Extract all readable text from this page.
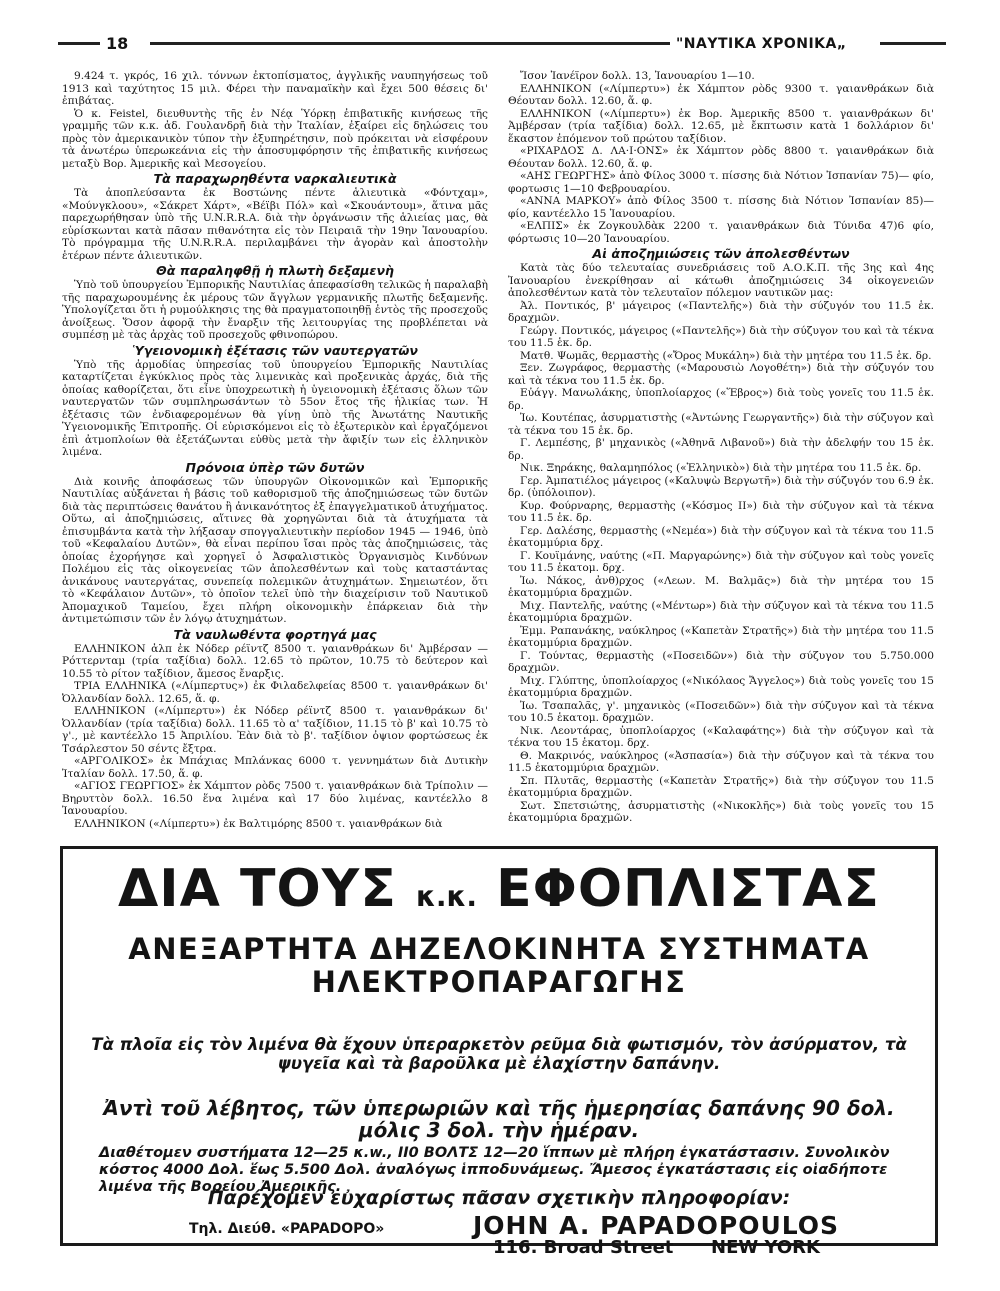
18	"ΝΑΥΤΙΚΑ ΧΡΟΝΙΚΑ„

9.424 τ. γκρός, 16 χιλ. τόννων ἐκτοπίσματος, ἀγγλικῆς ναυπηγήσεως τοῦ 1913 καὶ ταχύτητος 15 μιλ. Φέρει τὴν παναμαϊκὴν καὶ ἔχει 500 θέσεις δι' ἐπιβάτας.

Ὁ κ. Feistel, διευθυντὴς τῆς ἐν Νέᾳ Ὑόρκῃ ἐπιβατικῆς κινήσεως τῆς γραμμῆς τῶν κ.κ. ἀδ. Γουλανδρῆ διὰ τὴν Ἰταλίαν, ἐξαίρει εἰς δηλώσεις του πρὸς τὸν ἀμερικανικὸν τύπον τὴν ἐξυπηρέτησιν, ποὺ πρόκειται νὰ εἰσφέρουν τὰ ἀνωτέρω ὑπερωκεάνια εἰς τὴν ἀποσυμφόρησιν τῆς ἐπιβατικῆς κινήσεως μεταξὺ Βορ. Ἀμερικῆς καὶ Μεσογείου.

Τὰ παραχωρηθέντα ναρκαλιευτικὰ

Τὰ ἀποπλεύσαντα ἐκ Βοστώνης πέντε ἁλιευτικὰ «Φόντχαμ», «Μούνγκλοου», «Σάκρετ Χάρτ», «Βέϊβι Πόλ» καὶ «Σκουάντουμ», ἅτινα μᾶς παρεχωρήθησαν ὑπὸ τῆς U.N.R.R.A. διὰ τὴν ὀργάνωσιν τῆς ἁλιείας μας, θὰ εὑρίσκωνται κατὰ πᾶσαν πιθανότητα εἰς τὸν Πειραιᾶ τὴν 19ην Ἰανουαρίου. Τὸ πρόγραμμα τῆς U.N.R.R.A. περιλαμβάνει τὴν ἀγορὰν καὶ ἀποστολὴν ἑτέρων πέντε ἁλιευτικῶν.

Θὰ παραληφθῇ ἡ πλωτὴ δεξαμενὴ

Ὑπὸ τοῦ ὑπουργείου Ἐμπορικῆς Ναυτιλίας ἀπεφασίσθη τελικῶς ἡ παραλαβὴ τῆς παραχωρουμένης ἐκ μέρους τῶν ἄγγλων γερμανικῆς πλωτῆς δεξαμενῆς. Ὑπολογίζεται ὅτι ἡ ρυμούλκησις της θὰ πραγματοποιηθῇ ἐντὸς τῆς προσεχοῦς ἀνοίξεως. Ὅσον ἀφορᾷ τὴν ἔναρξιν τῆς λειτουργίας της προβλέπεται νὰ συμπέσῃ μὲ τὰς ἀρχὰς τοῦ προσεχοῦς φθινοπώρου.

Ὑγειονομικὴ ἐξέτασις τῶν ναυτεργατῶν

Ὑπὸ τῆς ἁρμοδίας ὑπηρεσίας τοῦ ὑπουργείου Ἐμπορικῆς Ναυτιλίας καταρτίζεται ἐγκύκλιος πρὸς τὰς λιμενικὰς καὶ προξενικὰς ἀρχάς, διὰ τῆς ὁποίας καθορίζεται, ὅτι εἶνε ὑποχρεωτικὴ ἡ ὑγειονομικὴ ἐξέτασις ὅλων τῶν ναυτεργατῶν τῶν συμπληρωσάντων τὸ 55ον ἔτος τῆς ἡλικίας των. Ἡ ἐξέτασις τῶν ἐνδιαφερομένων θὰ γίνῃ ὑπὸ τῆς Ἀνωτάτης Ναυτικῆς Ὑγειονομικῆς Ἐπιτροπῆς. Οἱ εὑρισκόμενοι εἰς τὸ ἐξωτερικὸν καὶ ἐργαζόμενοι ἐπὶ ἀτμοπλοίων θὰ ἐξετάζωνται εὐθὺς μετὰ τὴν ἄφιξίν των εἰς ἑλληνικὸν λιμένα.

Πρόνοια ὑπὲρ τῶν δυτῶν

Διὰ κοινῆς ἀποφάσεως τῶν ὑπουργῶν Οἰκονομικῶν καὶ Ἐμπορικῆς Ναυτιλίας αὐξάνεται ἡ βάσις τοῦ καθορισμοῦ τῆς ἀποζημιώσεως τῶν δυτῶν διὰ τὰς περιπτώσεις θανάτου ἢ ἀνικανότητος ἐξ ἐπαγγελματικοῦ ἀτυχήματος. Οὕτω, αἱ ἀποζημιώσεις, αἵτινες θὰ χορηγῶνται διὰ τὰ ἀτυχήματα τὰ ἐπισυμβάντα κατὰ τὴν λήξασαν σπογγαλιευτικὴν περίοδον 1945 — 1946, ὑπὸ τοῦ «Κεφαλαίου Δυτῶν», θὰ εἶναι περίπου ἴσαι πρὸς τὰς ἀποζημιώσεις, τὰς ὁποίας ἐχορήγησε καὶ χορηγεῖ ὁ Ἀσφαλιστικὸς Ὀργανισμὸς Κινδύνων Πολέμου εἰς τὰς οἰκογενείας τῶν ἀπολεσθέντων καὶ τοὺς καταστάντας ἀνικάνους ναυτεργάτας, συνεπείᾳ πολεμικῶν ἀτυχημάτων. Σημειωτέον, ὅτι τὸ «Κεφάλαιον Δυτῶν», τὸ ὁποῖον τελεῖ ὑπὸ τὴν διαχείρισιν τοῦ Ναυτικοῦ Ἀπομαχικοῦ Ταμείου, ἔχει πλήρη οἰκονομικὴν ἐπάρκειαν διὰ τὴν ἀντιμετώπισιν τῶν ἐν λόγῳ ἀτυχημάτων.

Τὰ ναυλωθέντα φορτηγά μας

ΕΛΛΗΝΙΚΟΝ ἀλπ ἐκ Νόδερ ρέϊντζ 8500 τ. γαιανθράκων δι' Ἀμβέρσαν — Ρόττερνταμ (τρία ταξίδια) δολλ. 12.65 τὸ πρῶτον, 10.75 τὸ δεύτερον καὶ 10.55 τὸ ρίτον ταξίδιον, ἄμεσος ἔναρξις.

ΤΡΙΑ ΕΛΛΗΝΙΚΑ («Λίμπερτυς») ἐκ Φιλαδελφείας 8500 τ. γαιανθράκων δι' Ὀλλανδίαν δολλ. 12.65, ἅ. φ.

ΕΛΛΗΝΙΚΟΝ («Λίμπερτυ») ἐκ Νόδερ ρέϊντζ 8500 τ. γαιανθράκων δι' Ὀλλανδίαν (τρία ταξίδια) δολλ. 11.65 τὸ α' ταξίδιον, 11.15 τὸ β' καὶ 10.75 τὸ γ'., μὲ καντέελλο 15 Ἀπριλίου. Ἐὰν διὰ τὸ β'. ταξίδιον ὀψιον φορτώσεως ἐκ Τσάρλεστον 50 σέντς ἔξτρα.

«ΑΡΓΟΛΙΚΟΣ» ἐκ Μπάχιας Μπλάνκας 6000 τ. γεννημάτων διὰ Δυτικὴν Ἰταλίαν δολλ. 17.50, ἅ. φ.

«ΑΓΙΟΣ ΓΕΩΡΓΙΟΣ» ἐκ Χάμπτον ρὸδς 7500 τ. γαιανθράκων διὰ Τρίπολιν — Βηρυττὸν δολλ. 16.50 ἕνα λιμένα καὶ 17 δύο λιμένας, καντέελλο 8 Ἰανουαρίου.

ΕΛΛΗΝΙΚΟΝ («Λίμπερτυ») ἐκ Βαλτιμόρης 8500 τ. γαιανθράκων διὰ

Ἴσον Ἰανέϊρον δολλ. 13, Ἰανουαρίου 1—10.

ΕΛΛΗΝΙΚΟΝ («Λίμπερτυ») ἐκ Χάμπτον ρὸδς 9300 τ. γαιανθράκων διὰ Θέουταν δολλ. 12.60, ἅ. φ.

ΕΛΛΗΝΙΚΟΝ («Λίμπερτυ») ἐκ Βορ. Ἀμερικῆς 8500 τ. γαιανθράκων δι' Ἀμβέρσαν (τρία ταξίδια) δολλ. 12.65, μὲ ἔκπτωσιν κατὰ 1 δολλάριον δι' ἕκαστον ἑπόμενον τοῦ πρώτου ταξίδιον.

«ΡΙΧΑΡΔΟΣ Δ. ΛΑ·Ι·ΟΝΣ» ἐκ Χάμπτον ρὸδς 8800 τ. γαιανθράκων διὰ Θέουταν δολλ. 12.60, ἅ. φ.

«ΑΗΣ ΓΕΩΡΓΗΣ» ἀπὸ Φίλος 3000 τ. πίσσης διὰ Νότιον Ἰσπανίαν 75)— φίο, φορτωσις 1—10 Φεβρουαρίου.

«ΑΝΝΑ ΜΑΡΚΟΥ» ἀπὸ Φίλος 3500 τ. πίσσης διὰ Νότιον Ἰσπανίαν 85)— φίο, καντέελλο 15 Ἰανουαρίου.

«ΕΛΠΙΣ» ἐκ Ζογκουλδὰκ 2200 τ. γαιανθράκων διὰ Τύνιδα 47)6 φίο, φόρτωσις 10—20 Ἰανουαρίου.

Αἱ ἀποζημιώσεις τῶν ἀπολεσθέντων

Κατὰ τὰς δύο τελευταίας συνεδριάσεις τοῦ Α.Ο.Κ.Π. τῆς 3ης καὶ 4ης Ἰανουαρίου ἐνεκρίθησαν αἱ κάτωθι ἀποζημιώσεις 34 οἰκογενειῶν ἀπολεσθέντων κατὰ τὸν τελευταῖον πόλεμον ναυτικῶν μας:

Ἀλ. Ποντικός, β' μάγειρος («Παντελῆς») διὰ τὴν σύζυγόν του 11.5 ἑκ. δραχμῶν.

Γεώργ. Ποντικός, μάγειρος («Παντελῆς») διὰ τὴν σύζυγον του καὶ τὰ τέκνα του 11.5 ἑκ. δρ.

Ματθ. Ψωμᾶς, θερμαστὴς («Ὄρος Μυκάλη») διὰ τὴν μητέρα του 11.5 ἑκ. δρ.

Ξεν. Ζωγράφος, θερμαστὴς («Μαρουσιὼ Λογοθέτη») διὰ τὴν σύζυγόν του καὶ τὰ τέκνα του 11.5 ἑκ. δρ.

Εὐάγγ. Μανωλάκης, ὑποπλοίαρχος («Ἕβρος») διὰ τοὺς γονεῖς του 11.5 ἑκ. δρ.

Ἰω. Κουτέπας, ἀσυρματιστὴς («Ἀντώνης Γεωργαντῆς») διὰ τὴν σύζυγον καὶ τὰ τέκνα του 15 ἑκ. δρ.

Γ. Λεμπέσης, β' μηχανικὸς («Ἀθηνᾶ Λιβανοῦ») διὰ τὴν ἀδελφήν του 15 ἑκ. δρ.

Νικ. Ξηράκης, θαλαμηπόλος («Ἑλληνικὸ») διὰ τὴν μητέρα του 11.5 ἑκ. δρ.

Γερ. Ἀμπατιέλος μάγειρος («Καλυψὼ Βεργωτῆ») διὰ τὴν σύζυγόν του 6.9 ἑκ. δρ. (ὑπόλοιπον).

Κυρ. Φούρναρης, θερμαστὴς («Κόσμος ΙΙ») διὰ τὴν σύζυγον καὶ τὰ τέκνα του 11.5 ἑκ. δρ.

Γερ. Δαλέσης, θερμαστὴς («Νεμέα») διὰ τὴν σύζυγον καὶ τὰ τέκνα του 11.5 ἑκατομμύρια δρχ.

Γ. Κουϊμάνης, ναύτης («Π. Μαργαρώνης») διὰ τὴν σύζυγον καὶ τοὺς γονεῖς του 11.5 ἑκατομ. δρχ.

Ἰω. Νάκος, ἀνθ)ρχος («Λεων. Μ. Βαλμᾶς») διὰ τὴν μητέρα του 15 ἑκατομμύρια δραχμῶν.

Μιχ. Παντελῆς, ναύτης («Μέντωρ») διὰ τὴν σύζυγον καὶ τὰ τέκνα του 11.5 ἑκατομμύρια δραχμῶν.

Ἐμμ. Ραπανάκης, ναύκληρος («Καπετὰν Στρατῆς») διὰ τὴν μητέρα του 11.5 ἑκατομμύρια δραχμῶν.

Γ. Τούντας, θερμαστὴς («Ποσειδῶν») διὰ τὴν σύζυγον του 5.750.000 δραχμῶν.

Μιχ. Γλύπτης, ὑποπλοίαρχος («Νικόλαος Ἄγγελος») διὰ τοὺς γονεῖς του 15 ἑκατομμύρια δραχμῶν.

Ἰω. Τσαπαλᾶς, γ'. μηχανικὸς («Ποσειδῶν») διὰ τὴν σύζυγον καὶ τὰ τέκνα του 10.5 ἑκατομ. δραχμῶν.

Νικ. Λεοντάρας, ὑποπλοίαρχος («Καλαφάτης») διὰ τὴν σύζυγον καὶ τὰ τέκνα του 15 ἑκατομ. δρχ.

Θ. Μακρινός, ναύκληρος («Ἀσπασία») διὰ τὴν σύζυγον καὶ τὰ τέκνα του 11.5 ἑκατομμύρια δραχμῶν.

Σπ. Πλυτᾶς, θερμαστὴς («Καπετὰν Στρατῆς») διὰ τὴν σύζυγον του 11.5 ἑκατομμύρια δραχμῶν.

Σωτ. Σπετσιώτης, ἀσυρματιστὴς («Νικοκλῆς») διὰ τοὺς γονεῖς του 15 ἑκατομμύρια δραχμῶν.

ΔΙΑ ΤΟΥΣ κ.κ. ΕΦΟΠΛΙΣΤΑΣ
ΑΝΕΞΑΡΤΗΤΑ ΔΗΖΕΛΟΚΙΝΗΤΑ ΣΥΣΤΗΜΑΤΑ
ΗΛΕΚΤΡΟΠΑΡΑΓΩΓΗΣ
Τὰ πλοῖα εἰς τὸν λιμένα θὰ ἔχουν ὑπεραρκετὸν ρεῦμα διὰ φωτισμόν, τὸν ἀσύρματον, τὰ ψυγεῖα καὶ τὰ βαροῦλκα μὲ ἐλαχίστην δαπάνην.
Ἀντὶ τοῦ λέβητος, τῶν ὑπερωριῶν καὶ τῆς ἡμερησίας δαπάνης 90 δολ. μόλις 3 δολ. τὴν ἡμέραν.
Διαθέτομεν συστήματα 12—25 κ.w., ΙΙ0 ΒΟΛΤΣ 12—20 ἵππων μὲ πλήρη ἐγκατάστασιν. Συνολικὸν κόστος 4000 Δολ. ἕως 5.500 Δολ. ἀναλόγως ἱπποδυνάμεως. Ἄμεσος ἐγκατάστασις εἰς οἱαδήποτε λιμένα τῆς Βορείου Ἀμερικῆς.
Παρέχομεν εὐχαρίστως πᾶσαν σχετικὴν πληροφορίαν:
Τηλ. Διεύθ. «PAPADOPO»	JOHN A. PAPADOPOULOS
116. Broad Street NEW YORK
